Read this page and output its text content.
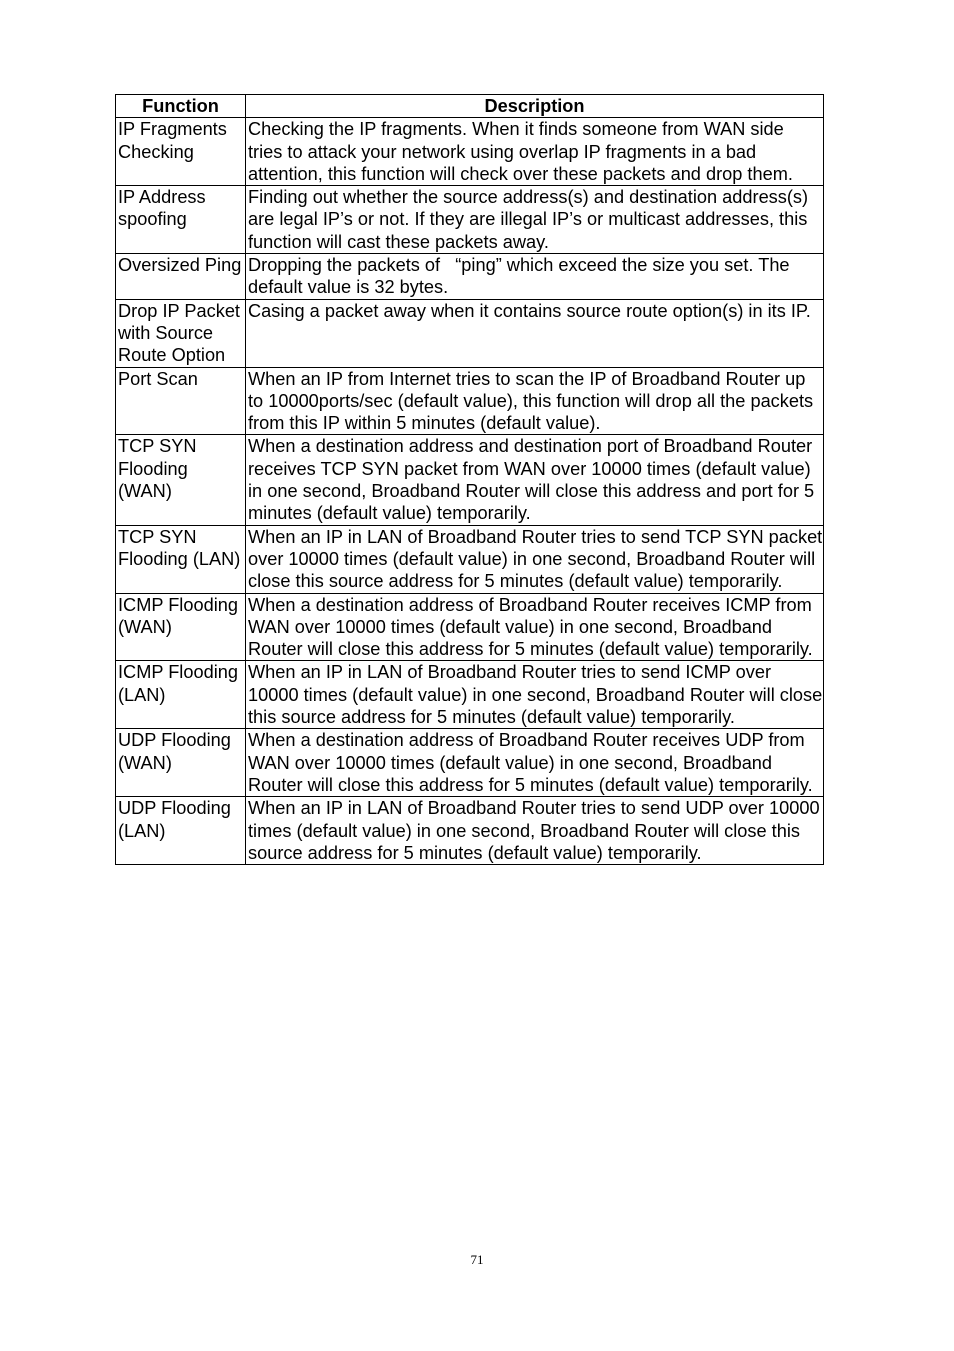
Function	Description
IP Fragments Checking	Checking the IP fragments. When it finds someone from WAN side tries to attack your network using overlap IP fragments in a bad attention, this function will check over these packets and drop them.
IP Address spoofing	Finding out whether the source address(s) and destination address(s) are legal IP’s or not. If they are illegal IP’s or multicast addresses, this function will cast these packets away.
Oversized Ping	Dropping the packets of   “ping” which exceed the size you set. The default value is 32 bytes.
Drop IP Packet with Source Route Option	Casing a packet away when it contains source route option(s) in its IP.
Port Scan	When an IP from Internet tries to scan the IP of Broadband Router up to 10000ports/sec (default value), this function will drop all the packets from this IP within 5 minutes (default value).
TCP SYN Flooding (WAN)	When a destination address and destination port of Broadband Router receives TCP SYN packet from WAN over 10000 times (default value) in one second, Broadband Router will close this address and port for 5 minutes (default value) temporarily.
TCP SYN Flooding (LAN)	When an IP in LAN of Broadband Router tries to send TCP SYN packet over 10000 times (default value) in one second, Broadband Router will close this source address for 5 minutes (default value) temporarily.
ICMP Flooding (WAN)	When a destination address of Broadband Router receives ICMP from WAN over 10000 times (default value) in one second, Broadband Router will close this address for 5 minutes (default value) temporarily.
ICMP Flooding (LAN)	When an IP in LAN of Broadband Router tries to send ICMP over 10000 times (default value) in one second, Broadband Router will close this source address for 5 minutes (default value) temporarily.
UDP Flooding (WAN)	When a destination address of Broadband Router receives UDP from WAN over 10000 times (default value) in one second, Broadband Router will close this address for 5 minutes (default value) temporarily.
UDP Flooding (LAN)	When an IP in LAN of Broadband Router tries to send UDP over 10000 times (default value) in one second, Broadband Router will close this source address for 5 minutes (default value) temporarily.
71
